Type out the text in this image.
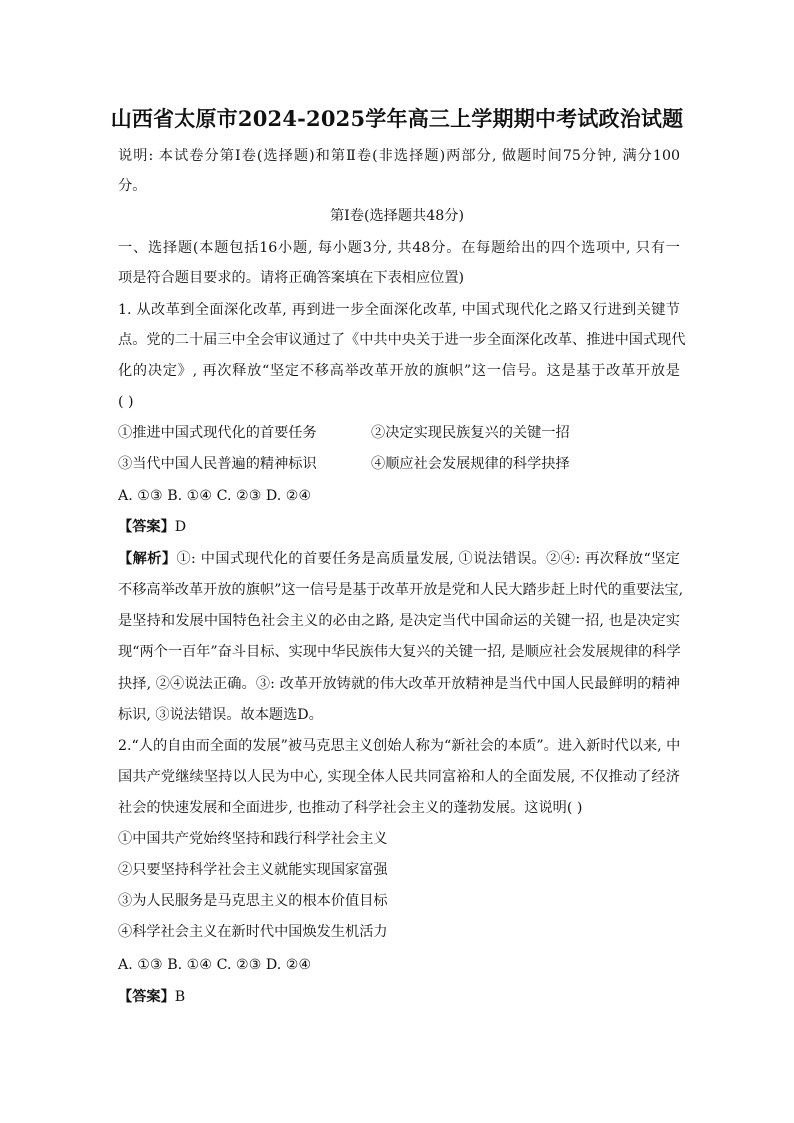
山西省太原市2024-2025学年高三上学期期中考试政治试题
说明: 本试卷分第Ⅰ卷(选择题)和第Ⅱ卷(非选择题)两部分, 做题时间75分钟, 满分100
分。
第Ⅰ卷(选择题共48分)
一、选择题(本题包括16小题, 每小题3分, 共48分。在每题给出的四个选项中, 只有一
项是符合题目要求的。请将正确答案填在下表相应位置)
1. 从改革到全面深化改革, 再到进一步全面深化改革, 中国式现代化之路又行进到关键节
点。党的二十届三中全会审议通过了《中共中央关于进一步全面深化改革、推进中国式现代
化的决定》, 再次释放“坚定不移高举改革开放的旗帜”这一信号。这是基于改革开放是
( )
①推进中国式现代化的首要任务	②决定实现民族复兴的关键一招
③当代中国人民普遍的精神标识	④顺应社会发展规律的科学抉择
A. ①③ B. ①④ C. ②③ D. ②④
【答案】D
【解析】①: 中国式现代化的首要任务是高质量发展, ①说法错误。②④: 再次释放“坚定
不移高举改革开放的旗帜”这一信号是基于改革开放是党和人民大踏步赶上时代的重要法宝,
是坚持和发展中国特色社会主义的必由之路, 是决定当代中国命运的关键一招, 也是决定实
现“两个一百年”奋斗目标、实现中华民族伟大复兴的关键一招, 是顺应社会发展规律的科学
抉择, ②④说法正确。③: 改革开放铸就的伟大改革开放精神是当代中国人民最鲜明的精神
标识, ③说法错误。故本题选D。
2.“人的自由而全面的发展”被马克思主义创始人称为“新社会的本质”。进入新时代以来, 中
国共产党继续坚持以人民为中心, 实现全体人民共同富裕和人的全面发展, 不仅推动了经济
社会的快速发展和全面进步, 也推动了科学社会主义的蓬勃发展。这说明( )
①中国共产党始终坚持和践行科学社会主义
②只要坚持科学社会主义就能实现国家富强
③为人民服务是马克思主义的根本价值目标
④科学社会主义在新时代中国焕发生机活力
A. ①③ B. ①④ C. ②③ D. ②④
【答案】B
